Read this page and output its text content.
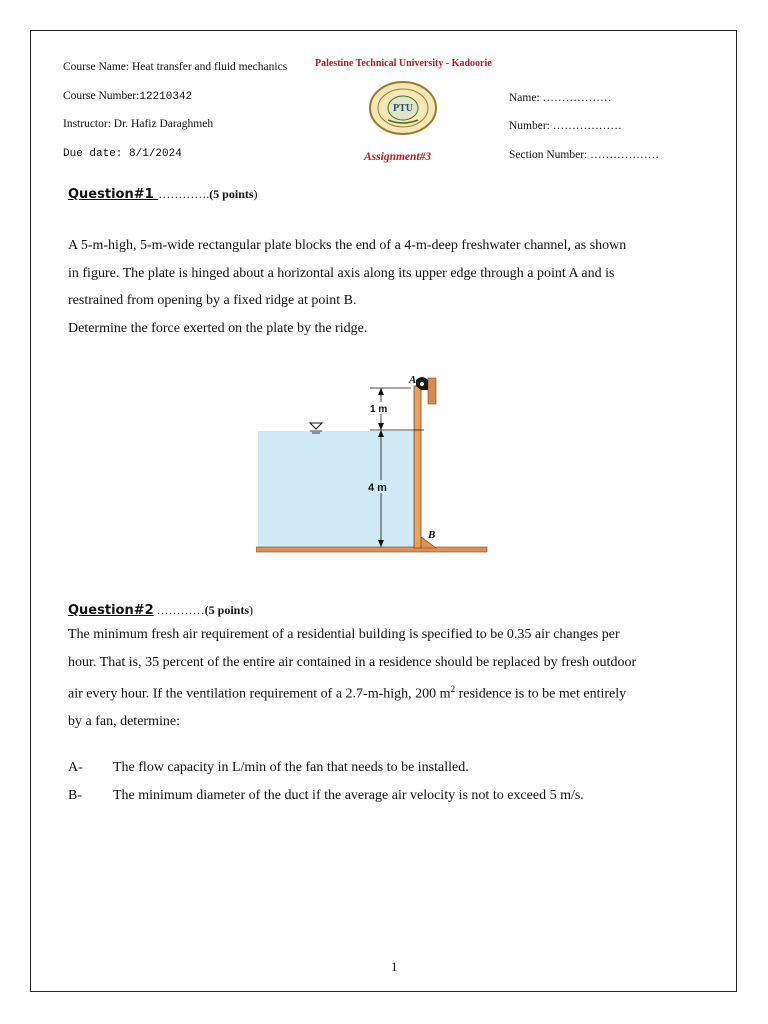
Course Name: Heat transfer and fluid mechanics
Course Number:12210342
Instructor: Dr. Hafiz Daraghmeh
Due date: 8/1/2024
Palestine Technical University - Kadoorie
PTU
Assignment#3
Name: ………………
Number: ………………
Section Number: ………………
Question#1 ………….(5 points)
A 5-m-high, 5-m-wide rectangular plate blocks the end of a 4-m-deep freshwater channel, as shown
in figure. The plate is hinged about a horizontal axis along its upper edge through a point A and is
restrained from opening by a fixed ridge at point B.
Determine the force exerted on the plate by the ridge.
A
B
1 m
4 m
Question#2 …………(5 points)
The minimum fresh air requirement of a residential building is specified to be 0.35 air changes per
hour. That is, 35 percent of the entire air contained in a residence should be replaced by fresh outdoor
air every hour. If the ventilation requirement of a 2.7-m-high, 200 $m^2$ residence is to be met entirely
by a fan, determine:
A- The flow capacity in L/min of the fan that needs to be installed.
B- The minimum diameter of the duct if the average air velocity is not to exceed 5 m/s.
1
